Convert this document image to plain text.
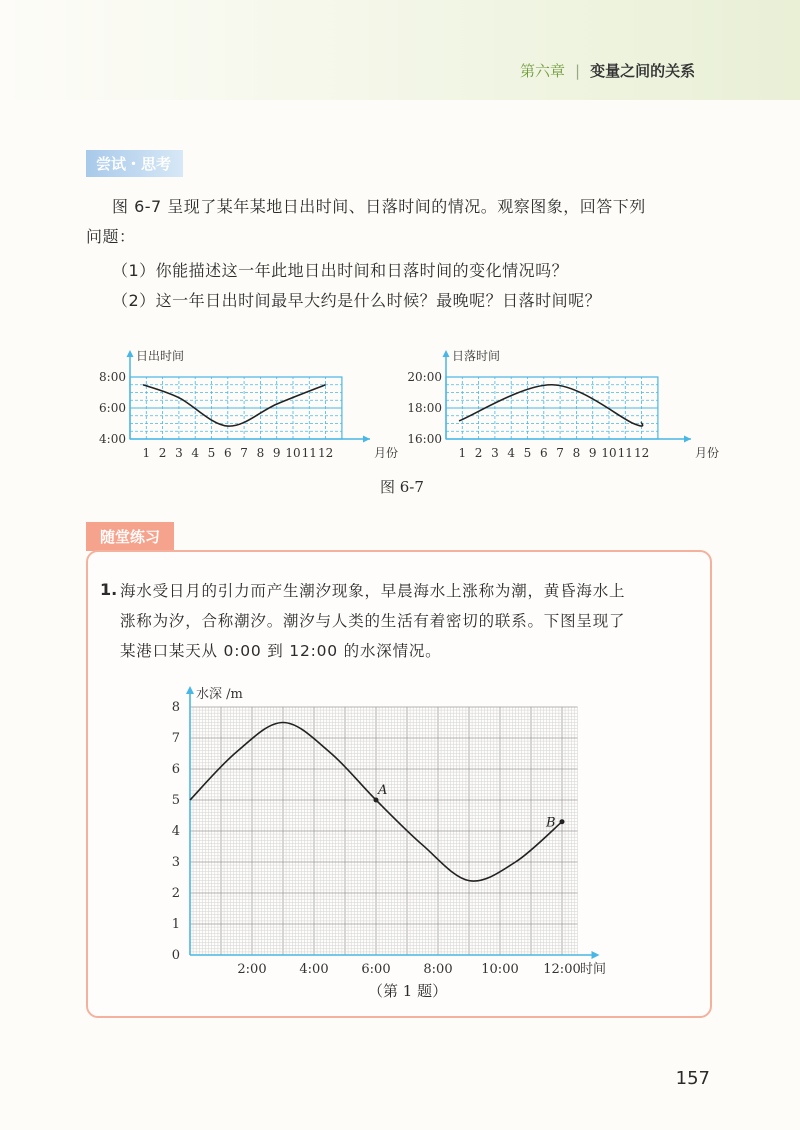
第六章 | 变量之间的关系
尝试・思考
图 6-7 呈现了某年某地日出时间、日落时间的情况。观察图象，回答下列
问题：
（1）你能描述这一年此地日出时间和日落时间的变化情况吗？
（2）这一年日出时间最早大约是什么时候？最晚呢？日落时间呢？
日出时间
4:00
6:00
8:00
1 2 3 4 5 6 7 8 9 10 11 12	月份
日落时间
16:00
18:00
20:00
1 2 3 4 5 6 7 8 9 10 11 12	月份
图 6-7
随堂练习
1. 海水受日月的引力而产生潮汐现象，早晨海水上涨称为潮，黄昏海水上
涨称为汐，合称潮汐。潮汐与人类的生活有着密切的联系。下图呈现了
某港口某天从 0:00 到 12:00 的水深情况。
水深 /m
0
1
2
3
4
5
6
7
8
2:00	4:00	6:00	8:00 10:00 12:00 时间
A
B
（第 1 题）
157
